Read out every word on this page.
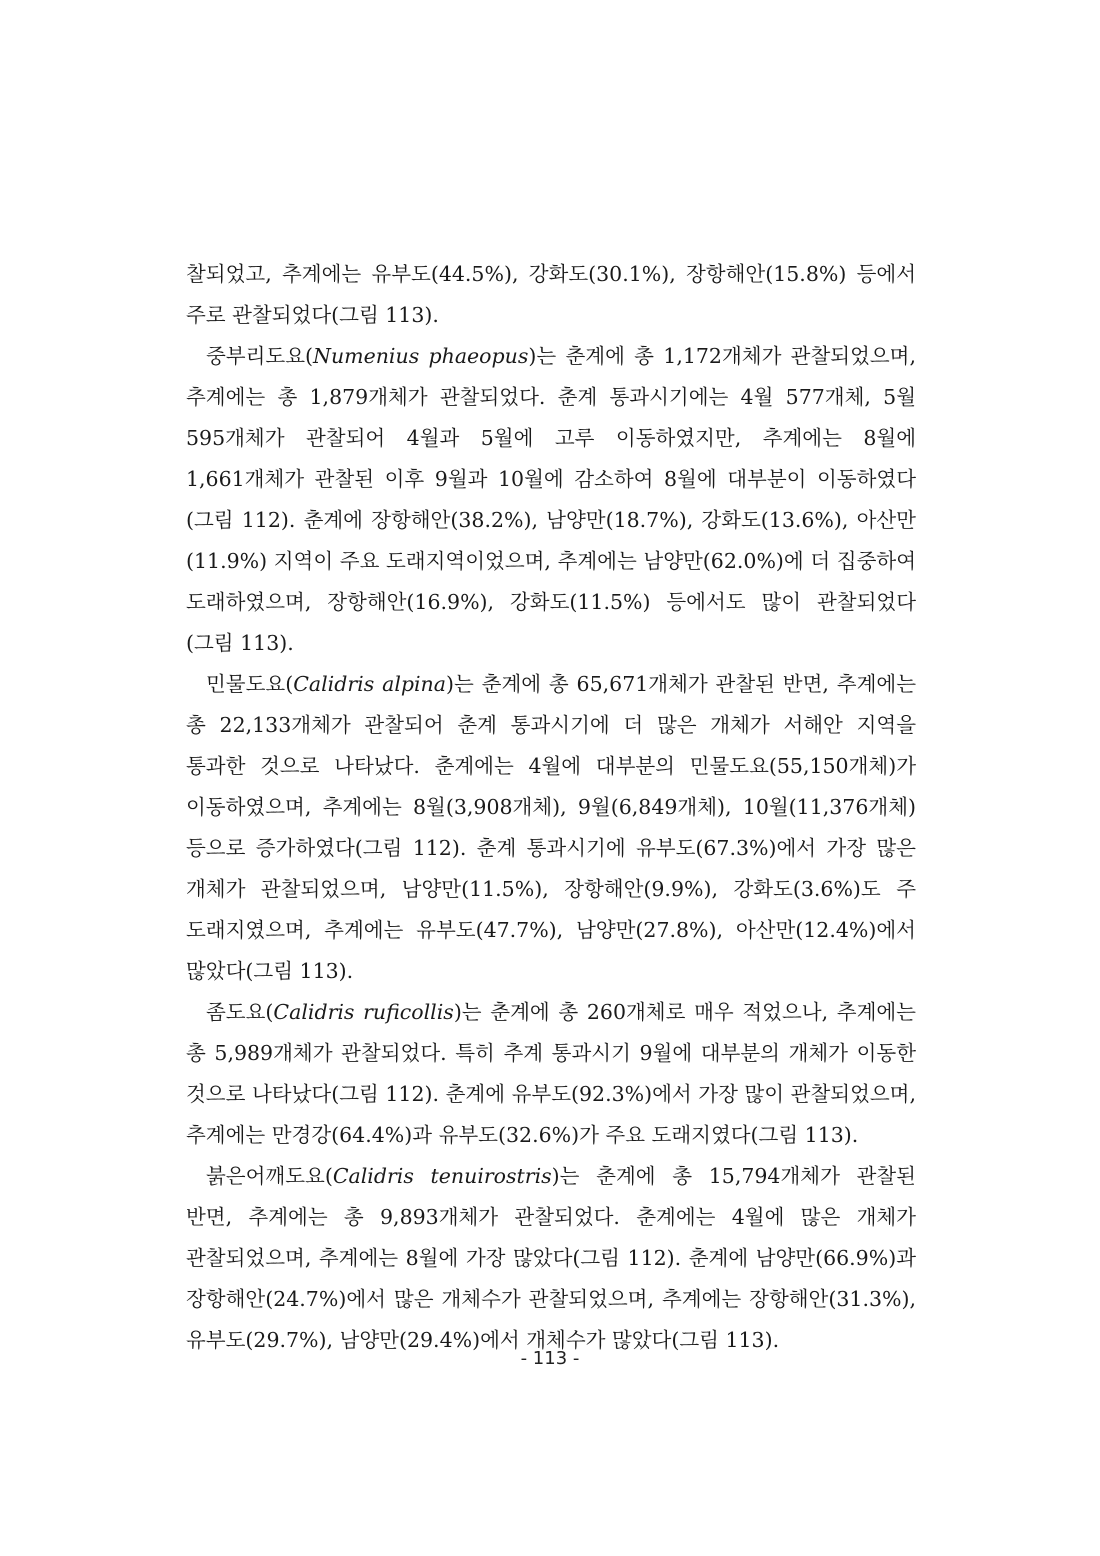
찰되었고, 추계에는 유부도(44.5%), 강화도(30.1%), 장항해안(15.8%) 등에서 주로 관찰되었다(그림 113).

중부리도요(Numenius phaeopus)는 춘계에 총 1,172개체가 관찰되었으며, 추계에는 총 1,879개체가 관찰되었다. 춘계 통과시기에는 4월 577개체, 5월 595개체가 관찰되어 4월과 5월에 고루 이동하였지만, 추계에는 8월에 1,661개체가 관찰된 이후 9월과 10월에 감소하여 8월에 대부분이 이동하였다(그림 112). 춘계에 장항해안(38.2%), 남양만(18.7%), 강화도(13.6%), 아산만(11.9%) 지역이 주요 도래지역이었으며, 추계에는 남양만(62.0%)에 더 집중하여 도래하였으며, 장항해안(16.9%), 강화도(11.5%) 등에서도 많이 관찰되었다(그림 113).

민물도요(Calidris alpina)는 춘계에 총 65,671개체가 관찰된 반면, 추계에는 총 22,133개체가 관찰되어 춘계 통과시기에 더 많은 개체가 서해안 지역을 통과한 것으로 나타났다. 춘계에는 4월에 대부분의 민물도요(55,150개체)가 이동하였으며, 추계에는 8월(3,908개체), 9월(6,849개체), 10월(11,376개체) 등으로 증가하였다(그림 112). 춘계 통과시기에 유부도(67.3%)에서 가장 많은 개체가 관찰되었으며, 남양만(11.5%), 장항해안(9.9%), 강화도(3.6%)도 주 도래지였으며, 추계에는 유부도(47.7%), 남양만(27.8%), 아산만(12.4%)에서 많았다(그림 113).

좀도요(Calidris ruficollis)는 춘계에 총 260개체로 매우 적었으나, 추계에는 총 5,989개체가 관찰되었다. 특히 추계 통과시기 9월에 대부분의 개체가 이동한 것으로 나타났다(그림 112). 춘계에 유부도(92.3%)에서 가장 많이 관찰되었으며, 추계에는 만경강(64.4%)과 유부도(32.6%)가 주요 도래지였다(그림 113).

붉은어깨도요(Calidris tenuirostris)는 춘계에 총 15,794개체가 관찰된 반면, 추계에는 총 9,893개체가 관찰되었다. 춘계에는 4월에 많은 개체가 관찰되었으며, 추계에는 8월에 가장 많았다(그림 112). 춘계에 남양만(66.9%)과 장항해안(24.7%)에서 많은 개체수가 관찰되었으며, 추계에는 장항해안(31.3%), 유부도(29.7%), 남양만(29.4%)에서 개체수가 많았다(그림 113).

- 113 -
